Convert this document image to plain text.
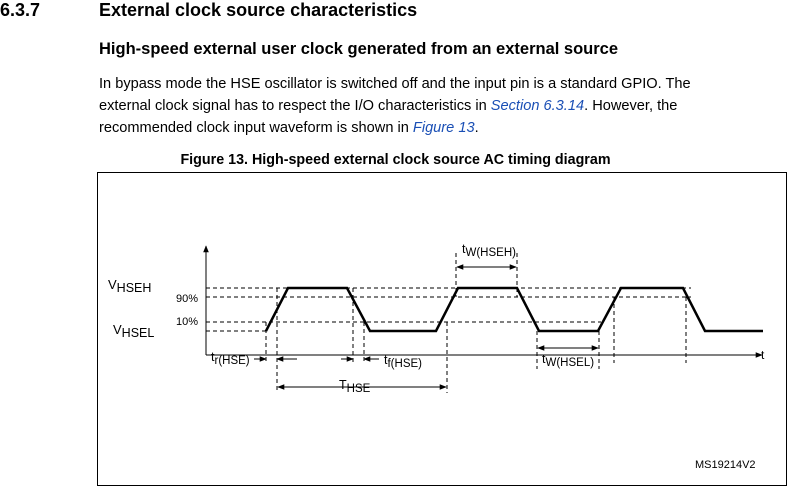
6.3.7	External clock source characteristics
High-speed external user clock generated from an external source
In bypass mode the HSE oscillator is switched off and the input pin is a standard GPIO. The
external clock signal has to respect the I/O characteristics in Section 6.3.14. However, the
recommended clock input waveform is shown in Figure 13.
Figure 13. High-speed external clock source AC timing diagram
VHSEH
VHSEL
90%
10%
t
tr(HSE)	tf(HSE)
THSE
tW(HSEH)
tW(HSEL)
MS19214V2
